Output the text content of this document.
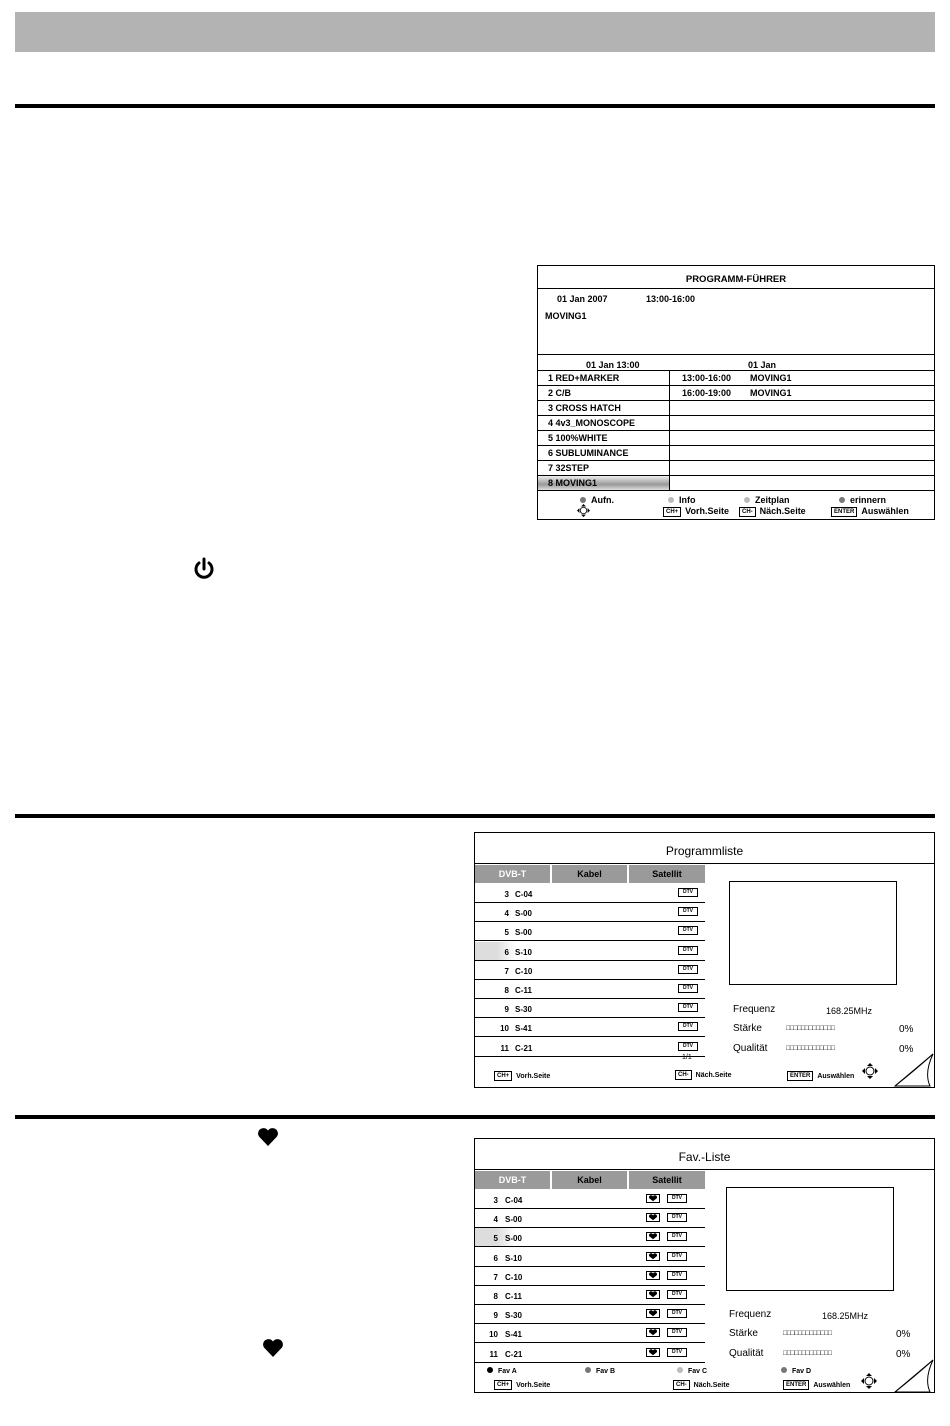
PROGRAMM-FÜHRER
01 Jan 2007	13:00-16:00
MOVING1
01 Jan 13:00	01 Jan
1 RED+MARKER	13:00-16:00 MOVING1
2 C/B	16:00-19:00 MOVING1
3 CROSS HATCH
4 4v3_MONOSCOPE
5 100%WHITE
6 SUBLUMINANCE
7 32STEP
8 MOVING1
Aufn.	Info	Zeitplan	erinnern
CH+ Vorh.Seite	CH- Näch.Seite	ENTER Auswählen
Programmliste
DVB-T	Kabel	Satellit
3 C-04	DTV
4 S-00	DTV
5 S-00	DTV
6 S-10	DTV
7 C-10	DTV
8 C-11	DTV
9 S-30	DTV
10 S-41	DTV
11 C-21	DTV
1/1
Frequenz	168.25MHz
Stärke	□□□□□□□□□□□□□	0%
Qualität	□□□□□□□□□□□□□	0%
CH+ Vorh.Seite	CH- Näch.Seite	ENTER Auswählen
Fav.-Liste
DVB-T	Kabel	Satellit
3 C-04	DTV
4 S-00	DTV
5 S-00	DTV
6 S-10	DTV
7 C-10	DTV
8 C-11	DTV
9 S-30	DTV
10 S-41	DTV
11 C-21	DTV
Frequenz	168.25MHz
Stärke	□□□□□□□□□□□□□	0%
Qualität	□□□□□□□□□□□□□	0%
Fav A	Fav B	Fav C	Fav D
CH+ Vorh.Seite	CH- Näch.Seite	ENTER Auswählen
